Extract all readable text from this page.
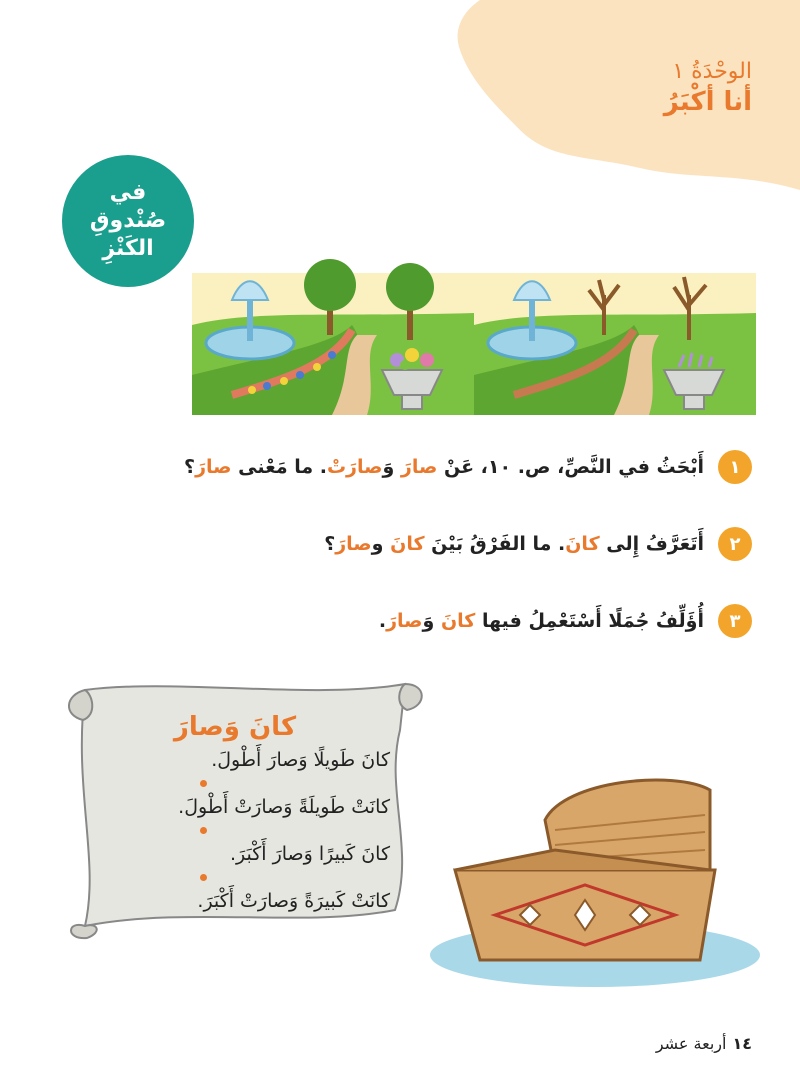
الوحْدَةُ ١
أنا أكْبَرُ
في
صُنْدوقِ
الكَنْزِ
١
أَبْحَثُ في النَّصِّ، ص. ١٠، عَنْ صارَ وَصارَتْ. ما مَعْنى صارَ؟
٢
أَتَعَرَّفُ إِلى كانَ. ما الفَرْقُ بَيْنَ كانَ وصارَ؟
٣
أُؤَلِّفُ جُمَلًا أَسْتَعْمِلُ فيها كانَ وَصارَ.
كانَ وَصارَ
كانَ طَويلًا وَصارَ أَطْولَ.
كانَتْ طَويلَةً وَصارَتْ أَطْولَ.
كانَ كَبيرًا وَصارَ أَكْبَرَ.
كانَتْ كَبيرَةً وَصارَتْ أَكْبَرَ.
١٤
أربعة عشر
